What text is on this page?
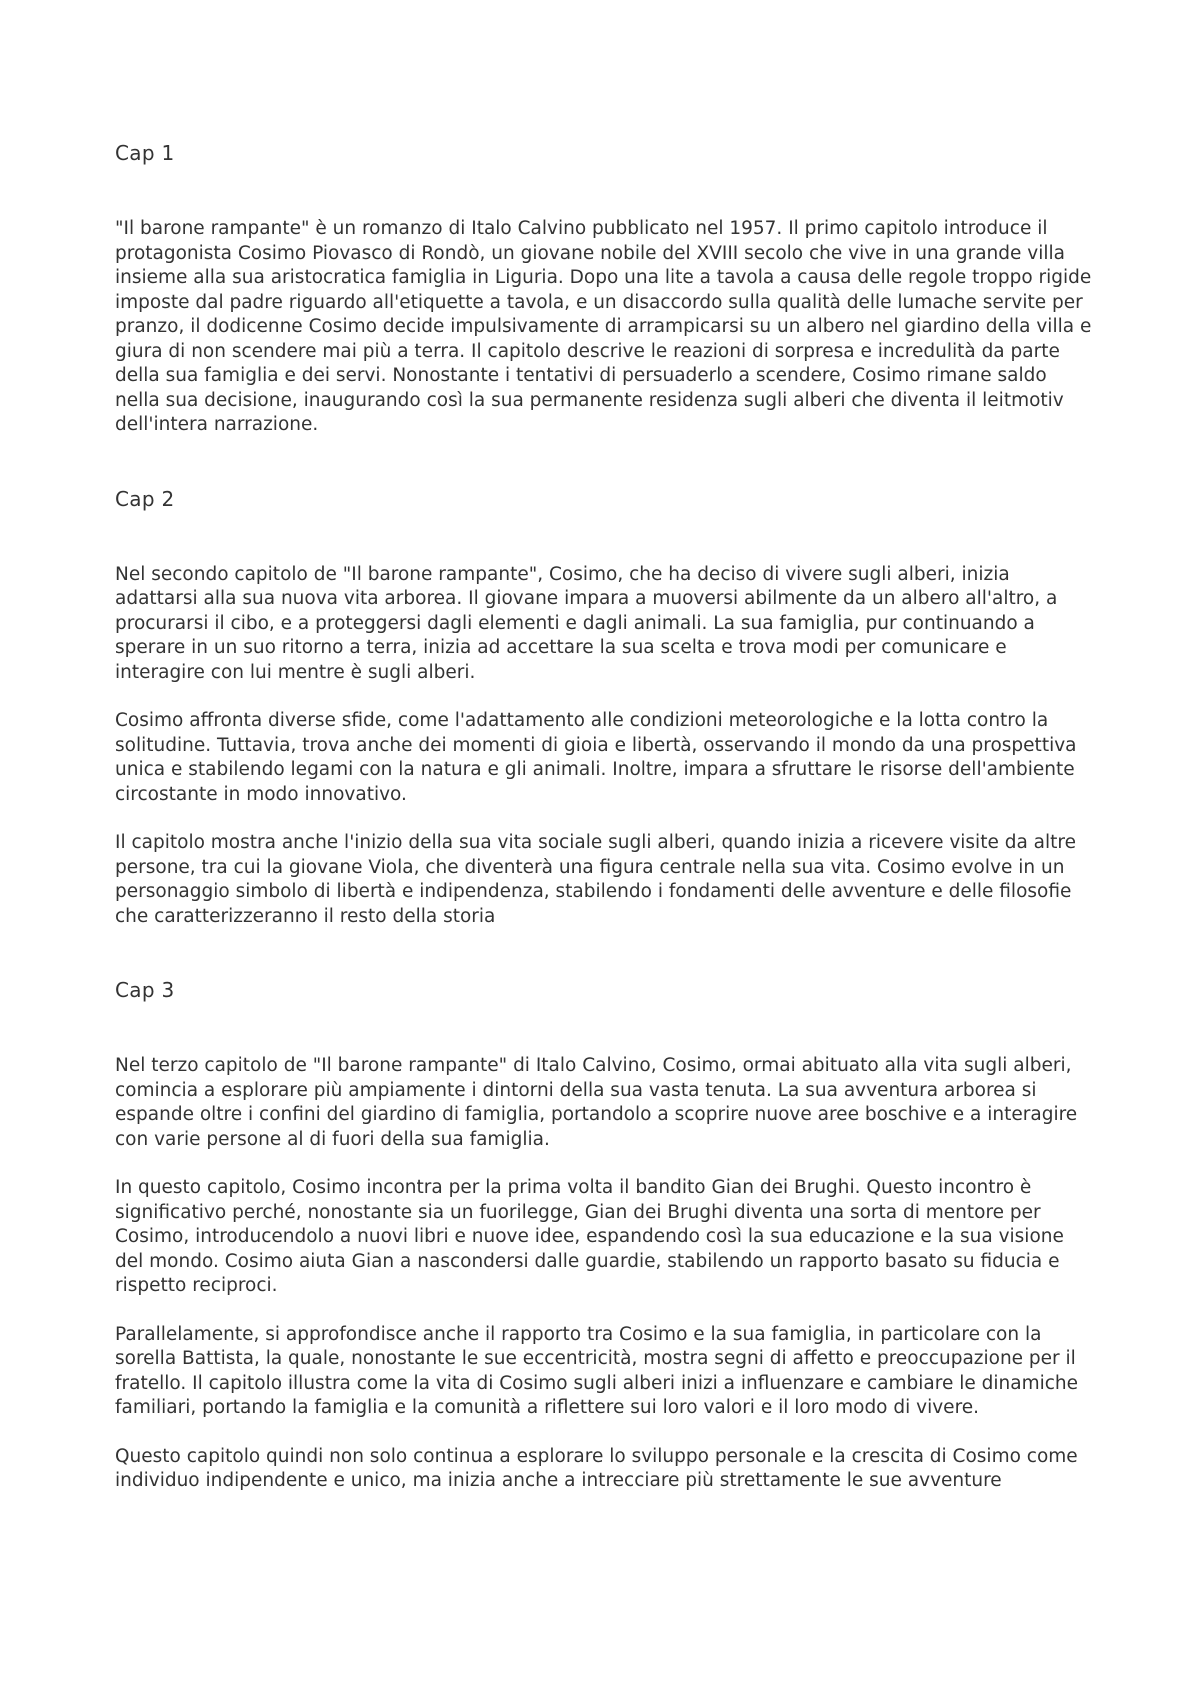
Cap 1

"Il barone rampante" è un romanzo di Italo Calvino pubblicato nel 1957. Il primo capitolo introduce il protagonista Cosimo Piovasco di Rondò, un giovane nobile del XVIII secolo che vive in una grande villa insieme alla sua aristocratica famiglia in Liguria. Dopo una lite a tavola a causa delle regole troppo rigide imposte dal padre riguardo all'etiquette a tavola, e un disaccordo sulla qualità delle lumache servite per pranzo, il dodicenne Cosimo decide impulsivamente di arrampicarsi su un albero nel giardino della villa e giura di non scendere mai più a terra. Il capitolo descrive le reazioni di sorpresa e incredulità da parte della sua famiglia e dei servi. Nonostante i tentativi di persuaderlo a scendere, Cosimo rimane saldo nella sua decisione, inaugurando così la sua permanente residenza sugli alberi che diventa il leitmotiv dell'intera narrazione.

Cap 2

Nel secondo capitolo de "Il barone rampante", Cosimo, che ha deciso di vivere sugli alberi, inizia adattarsi alla sua nuova vita arborea. Il giovane impara a muoversi abilmente da un albero all'altro, a procurarsi il cibo, e a proteggersi dagli elementi e dagli animali. La sua famiglia, pur continuando a sperare in un suo ritorno a terra, inizia ad accettare la sua scelta e trova modi per comunicare e interagire con lui mentre è sugli alberi.

Cosimo affronta diverse sfide, come l'adattamento alle condizioni meteorologiche e la lotta contro la solitudine. Tuttavia, trova anche dei momenti di gioia e libertà, osservando il mondo da una prospettiva unica e stabilendo legami con la natura e gli animali. Inoltre, impara a sfruttare le risorse dell'ambiente circostante in modo innovativo.

Il capitolo mostra anche l'inizio della sua vita sociale sugli alberi, quando inizia a ricevere visite da altre persone, tra cui la giovane Viola, che diventerà una figura centrale nella sua vita. Cosimo evolve in un personaggio simbolo di libertà e indipendenza, stabilendo i fondamenti delle avventure e delle filosofie che caratterizzeranno il resto della storia

Cap 3

Nel terzo capitolo de "Il barone rampante" di Italo Calvino, Cosimo, ormai abituato alla vita sugli alberi, comincia a esplorare più ampiamente i dintorni della sua vasta tenuta. La sua avventura arborea si espande oltre i confini del giardino di famiglia, portandolo a scoprire nuove aree boschive e a interagire con varie persone al di fuori della sua famiglia.

In questo capitolo, Cosimo incontra per la prima volta il bandito Gian dei Brughi. Questo incontro è significativo perché, nonostante sia un fuorilegge, Gian dei Brughi diventa una sorta di mentore per Cosimo, introducendolo a nuovi libri e nuove idee, espandendo così la sua educazione e la sua visione del mondo. Cosimo aiuta Gian a nascondersi dalle guardie, stabilendo un rapporto basato su fiducia e rispetto reciproci.

Parallelamente, si approfondisce anche il rapporto tra Cosimo e la sua famiglia, in particolare con la sorella Battista, la quale, nonostante le sue eccentricità, mostra segni di affetto e preoccupazione per il fratello. Il capitolo illustra come la vita di Cosimo sugli alberi inizi a influenzare e cambiare le dinamiche familiari, portando la famiglia e la comunità a riflettere sui loro valori e il loro modo di vivere.

Questo capitolo quindi non solo continua a esplorare lo sviluppo personale e la crescita di Cosimo come individuo indipendente e unico, ma inizia anche a intrecciare più strettamente le sue avventure
